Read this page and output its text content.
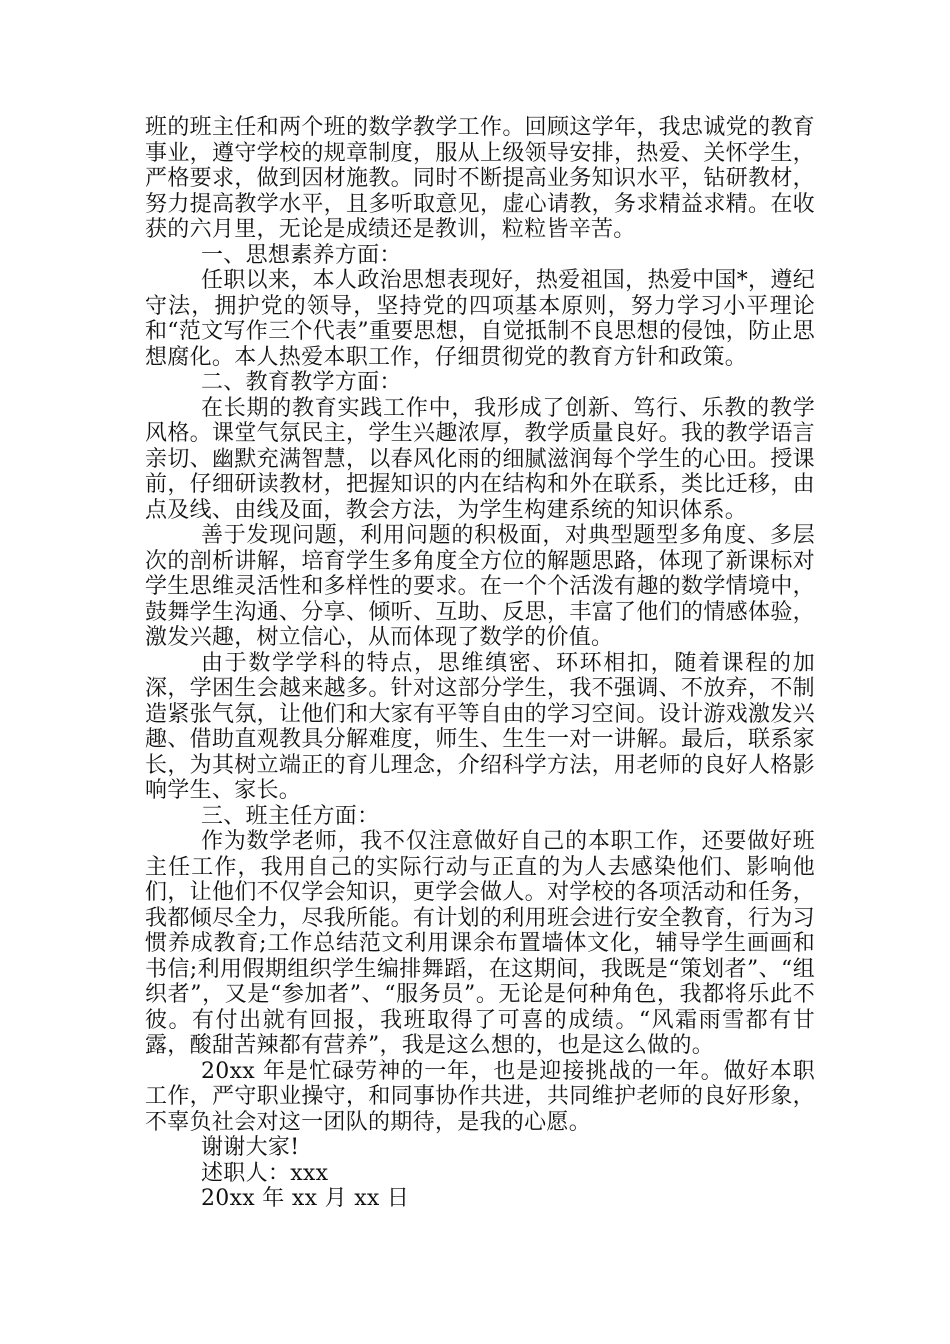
班的班主任和两个班的数学教学工作。回顾这学年，我忠诚党的教育事业，遵守学校的规章制度，服从上级领导安排，热爱、关怀学生，严格要求，做到因材施教。同时不断提高业务知识水平，钻研教材，努力提高教学水平，且多听取意见，虚心请教，务求精益求精。在收获的六月里，无论是成绩还是教训，粒粒皆辛苦。

一、思想素养方面：

任职以来，本人政治思想表现好，热爱祖国，热爱中国*，遵纪守法，拥护党的领导，坚持党的四项基本原则，努力学习小平理论和“范文写作三个代表”重要思想，自觉抵制不良思想的侵蚀，防止思想腐化。本人热爱本职工作，仔细贯彻党的教育方针和政策。

二、教育教学方面：

在长期的教育实践工作中，我形成了创新、笃行、乐教的教学风格。课堂气氛民主，学生兴趣浓厚，教学质量良好。我的教学语言亲切、幽默充满智慧，以春风化雨的细腻滋润每个学生的心田。授课前，仔细研读教材，把握知识的内在结构和外在联系，类比迁移，由点及线、由线及面，教会方法，为学生构建系统的知识体系。

善于发现问题，利用问题的积极面，对典型题型多角度、多层次的剖析讲解，培育学生多角度全方位的解题思路，体现了新课标对学生思维灵活性和多样性的要求。在一个个活泼有趣的数学情境中，鼓舞学生沟通、分享、倾听、互助、反思，丰富了他们的情感体验，激发兴趣，树立信心，从而体现了数学的价值。

由于数学学科的特点，思维缜密、环环相扣，随着课程的加深，学困生会越来越多。针对这部分学生，我不强调、不放弃，不制造紧张气氛，让他们和大家有平等自由的学习空间。设计游戏激发兴趣、借助直观教具分解难度，师生、生生一对一讲解。最后，联系家长，为其树立端正的育儿理念，介绍科学方法，用老师的良好人格影响学生、家长。

三、班主任方面：

作为数学老师，我不仅注意做好自己的本职工作，还要做好班主任工作，我用自己的实际行动与正直的为人去感染他们、影响他们，让他们不仅学会知识，更学会做人。对学校的各项活动和任务，我都倾尽全力，尽我所能。有计划的利用班会进行安全教育，行为习惯养成教育;工作总结范文利用课余布置墙体文化，辅导学生画画和书信;利用假期组织学生编排舞蹈，在这期间，我既是“策划者”、“组织者”，又是“参加者”、“服务员”。无论是何种角色，我都将乐此不彼。有付出就有回报，我班取得了可喜的成绩。“风霜雨雪都有甘露，酸甜苦辣都有营养”，我是这么想的，也是这么做的。

20xx 年是忙碌劳神的一年，也是迎接挑战的一年。做好本职工作，严守职业操守，和同事协作共进，共同维护老师的良好形象，不辜负社会对这一团队的期待，是我的心愿。

谢谢大家!

述职人：xxx

20xx 年 xx 月 xx 日
